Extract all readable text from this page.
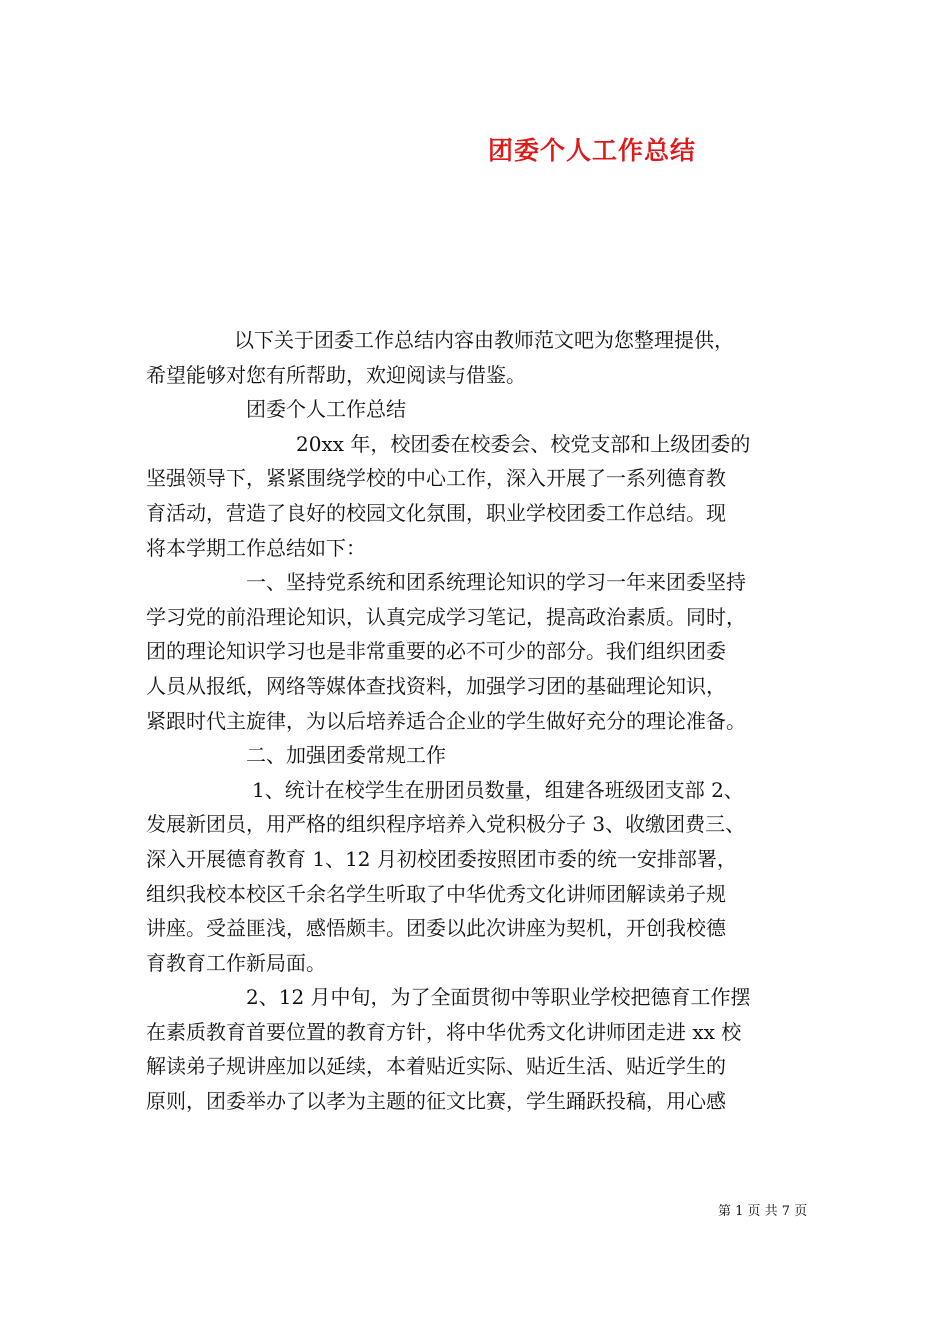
团委个人工作总结
以下关于团委工作总结内容由教师范文吧为您整理提供，
希望能够对您有所帮助，欢迎阅读与借鉴。
团委个人工作总结
20xx 年，校团委在校委会、校党支部和上级团委的
坚强领导下，紧紧围绕学校的中心工作，深入开展了一系列德育教
育活动，营造了良好的校园文化氛围，职业学校团委工作总结。现
将本学期工作总结如下：
一、坚持党系统和团系统理论知识的学习一年来团委坚持
学习党的前沿理论知识，认真完成学习笔记，提高政治素质。同时，
团的理论知识学习也是非常重要的必不可少的部分。我们组织团委
人员从报纸，网络等媒体查找资料，加强学习团的基础理论知识，
紧跟时代主旋律，为以后培养适合企业的学生做好充分的理论准备。
二、加强团委常规工作
1、统计在校学生在册团员数量，组建各班级团支部 2、
发展新团员，用严格的组织程序培养入党积极分子 3、收缴团费三、
深入开展德育教育 1、12 月初校团委按照团市委的统一安排部署，
组织我校本校区千余名学生听取了中华优秀文化讲师团解读弟子规
讲座。受益匪浅，感悟颇丰。团委以此次讲座为契机，开创我校德
育教育工作新局面。
2、12 月中旬，为了全面贯彻中等职业学校把德育工作摆
在素质教育首要位置的教育方针，将中华优秀文化讲师团走进 xx 校
解读弟子规讲座加以延续，本着贴近实际、贴近生活、贴近学生的
原则，团委举办了以孝为主题的征文比赛，学生踊跃投稿，用心感
第 1 页 共 7 页
